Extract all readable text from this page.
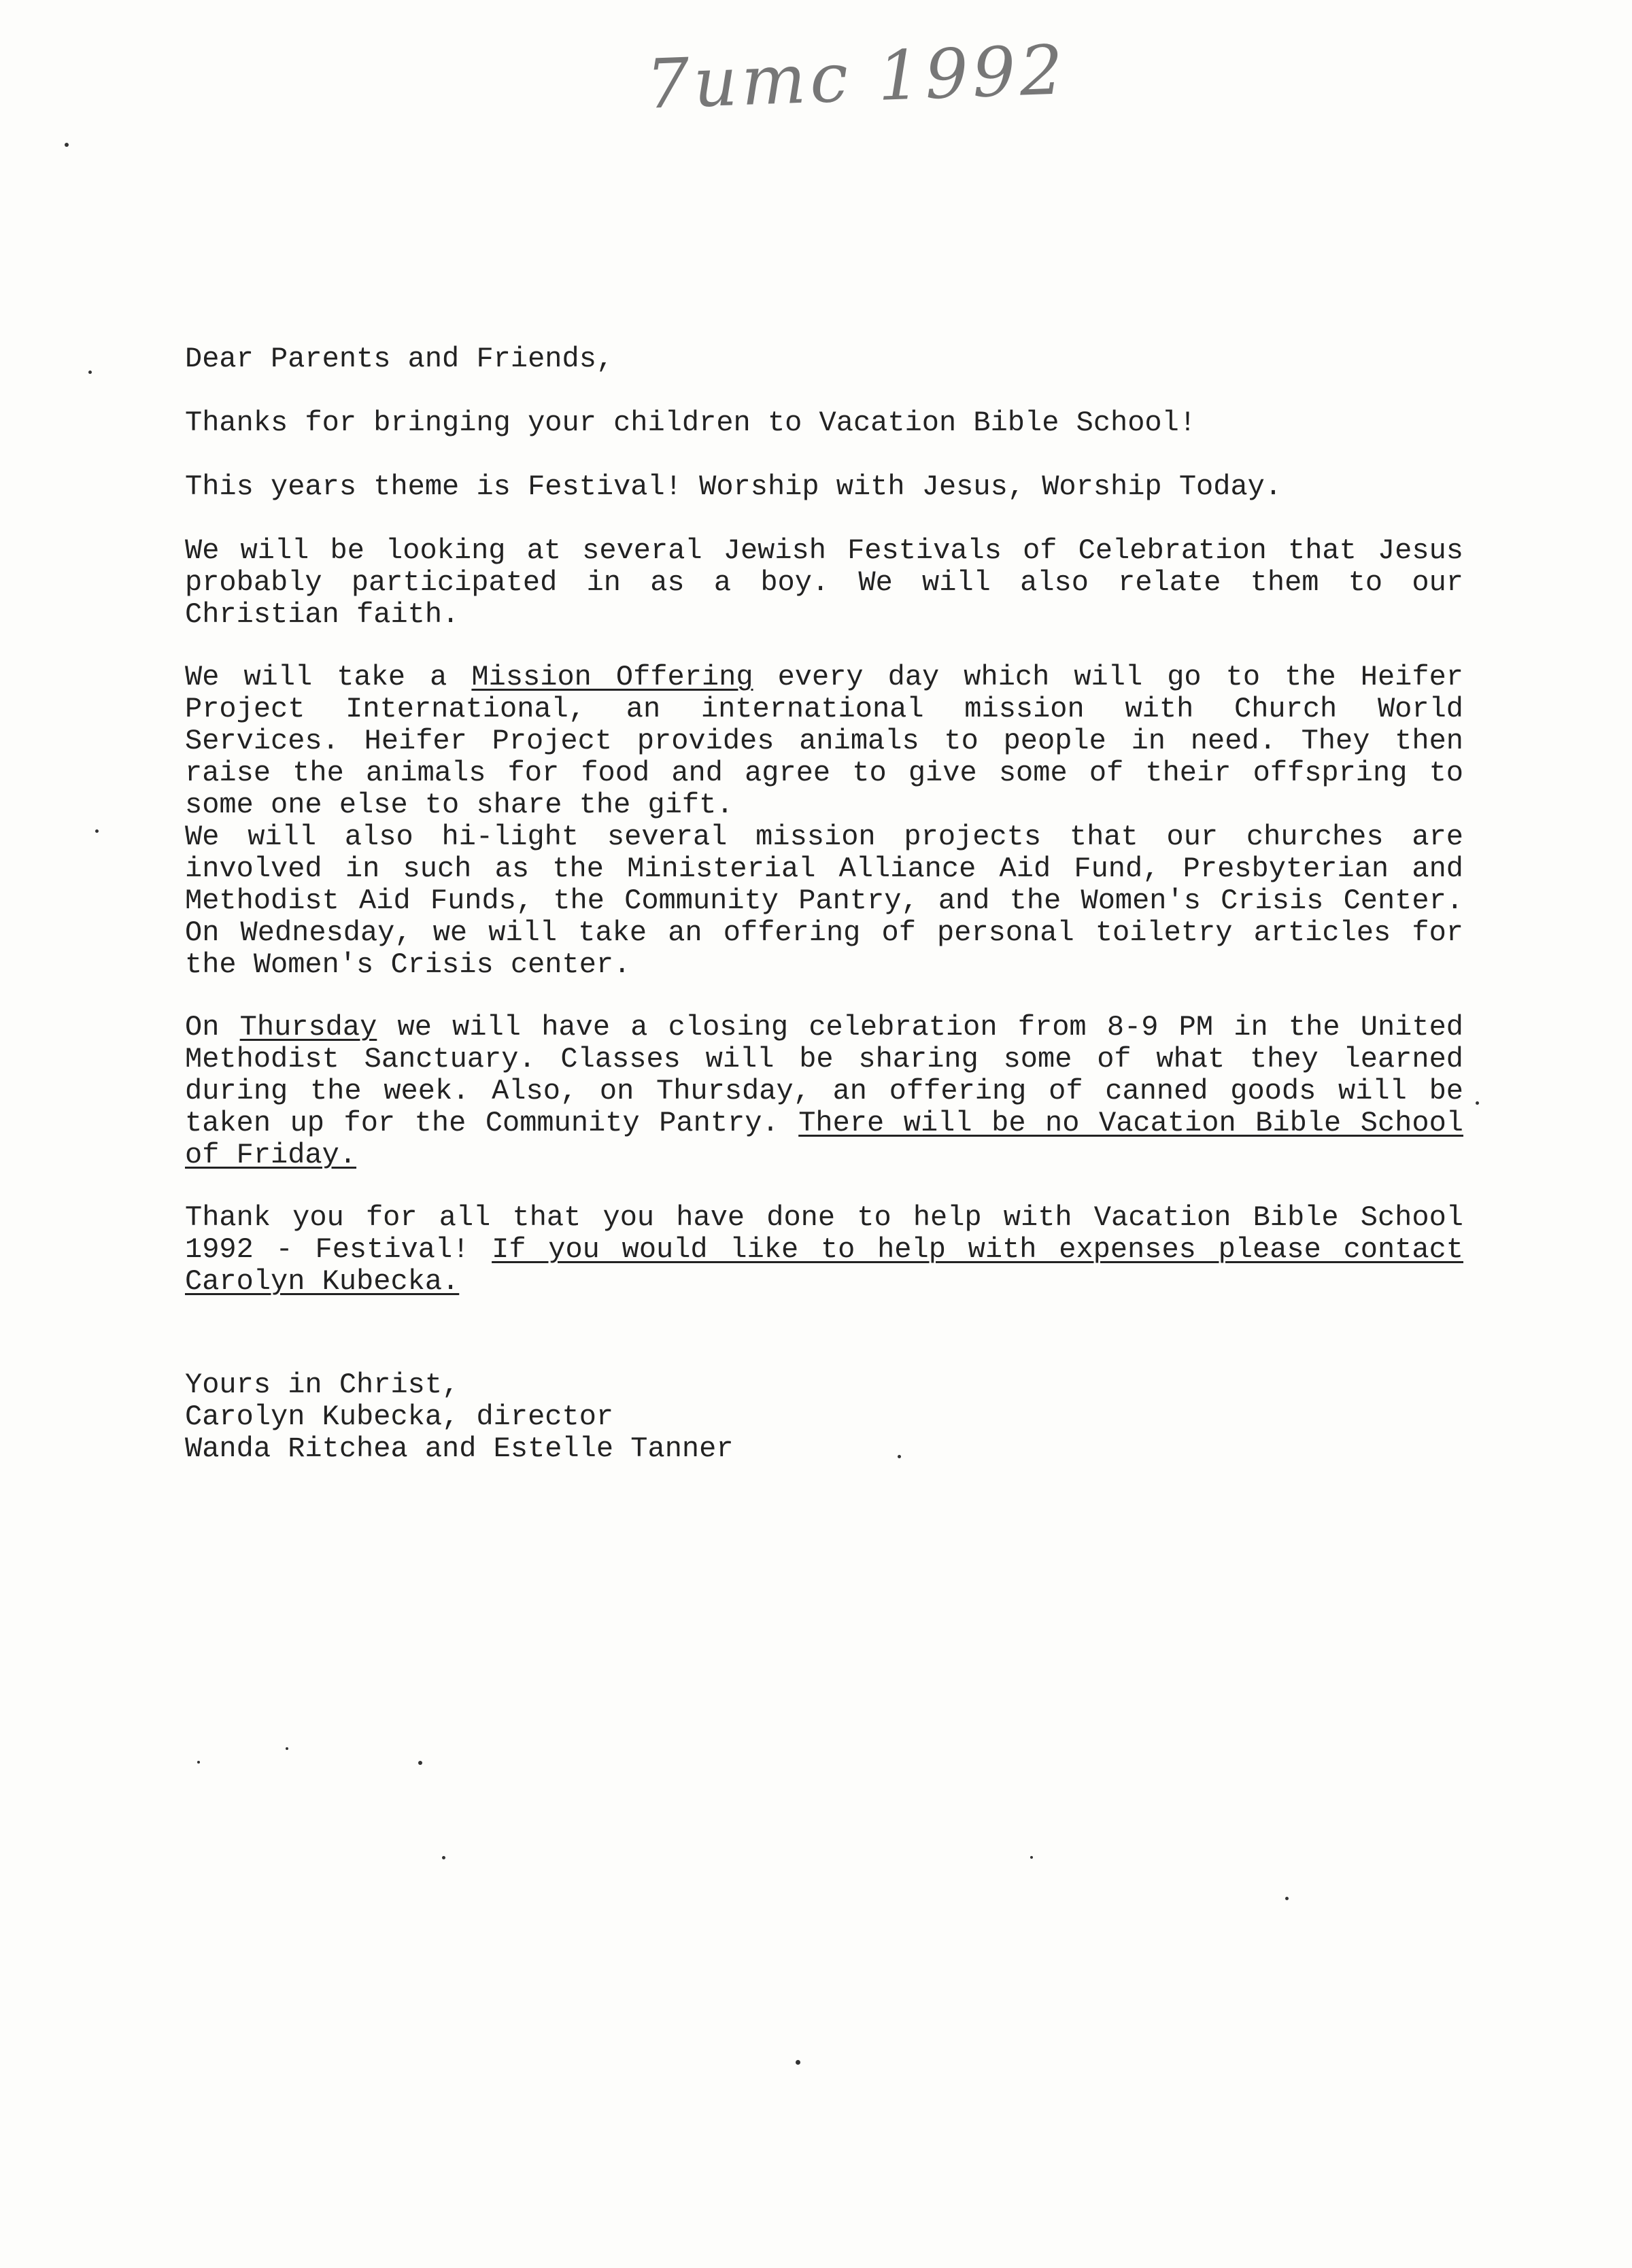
7umc 1992

Dear Parents and Friends,

Thanks for bringing your children to Vacation Bible School!

This years theme is Festival! Worship with Jesus, Worship Today.

We will be looking at several Jewish Festivals of Celebration that Jesus probably participated in as a boy. We will also relate them to our Christian faith.

We will take a Mission Offering every day which will go to the Heifer Project International, an international mission with Church World Services. Heifer Project provides animals to people in need. They then raise the animals for food and agree to give some of their offspring to some one else to share the gift.

We will also hi-light several mission projects that our churches are involved in such as the Ministerial Alliance Aid Fund, Presbyterian and Methodist Aid Funds, the Community Pantry, and the Women's Crisis Center. On Wednesday, we will take an offering of personal toiletry articles for the Women's Crisis center.

On Thursday we will have a closing celebration from 8-9 PM in the United Methodist Sanctuary. Classes will be sharing some of what they learned during the week. Also, on Thursday, an offering of canned goods will be taken up for the Community Pantry. There will be no Vacation Bible School of Friday.

Thank you for all that you have done to help with Vacation Bible School 1992 - Festival! If you would like to help with expenses please contact Carolyn Kubecka.

Yours in Christ,
Carolyn Kubecka, director
Wanda Ritchea and Estelle Tanner
